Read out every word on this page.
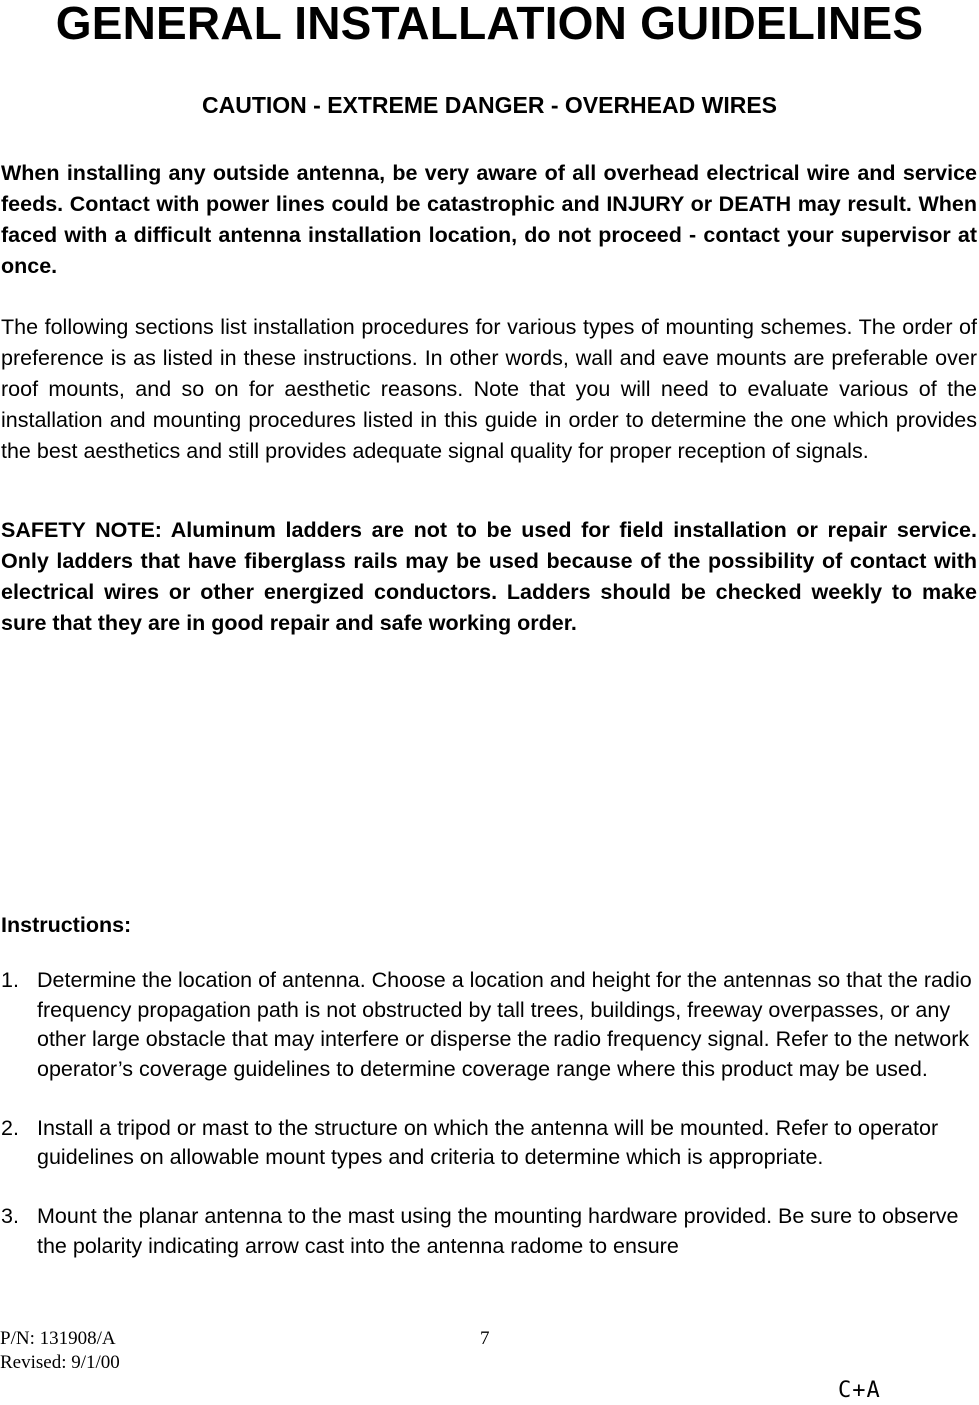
GENERAL INSTALLATION GUIDELINES
CAUTION - EXTREME DANGER - OVERHEAD WIRES

When installing any outside antenna, be very aware of all overhead electrical wire and service feeds. Contact with power lines could be catastrophic and INJURY or DEATH may result. When faced with a difficult antenna installation location, do not proceed - contact your supervisor at once.

The following sections list installation procedures for various types of mounting schemes. The order of preference is as listed in these instructions. In other words, wall and eave mounts are preferable over roof mounts, and so on for aesthetic reasons. Note that you will need to evaluate various of the installation and mounting procedures listed in this guide in order to determine the one which provides the best aesthetics and still provides adequate signal quality for proper reception of signals.

SAFETY NOTE: Aluminum ladders are not to be used for field installation or repair service. Only ladders that have fiberglass rails may be used because of the possibility of contact with electrical wires or other energized conductors. Ladders should be checked weekly to make sure that they are in good repair and safe working order.

Instructions:
1. Determine the location of antenna. Choose a location and height for the antennas so that the radio frequency propagation path is not obstructed by tall trees, buildings, freeway overpasses, or any other large obstacle that may interfere or disperse the radio frequency signal. Refer to the network operator’s coverage guidelines to determine coverage range where this product may be used.
2. Install a tripod or mast to the structure on which the antenna will be mounted. Refer to operator guidelines on allowable mount types and criteria to determine which is appropriate.
3. Mount the planar antenna to the mast using the mounting hardware provided. Be sure to observe the polarity indicating arrow cast into the antenna radome to ensure
P/N: 131908/A
Revised: 9/1/00
7
C+A
